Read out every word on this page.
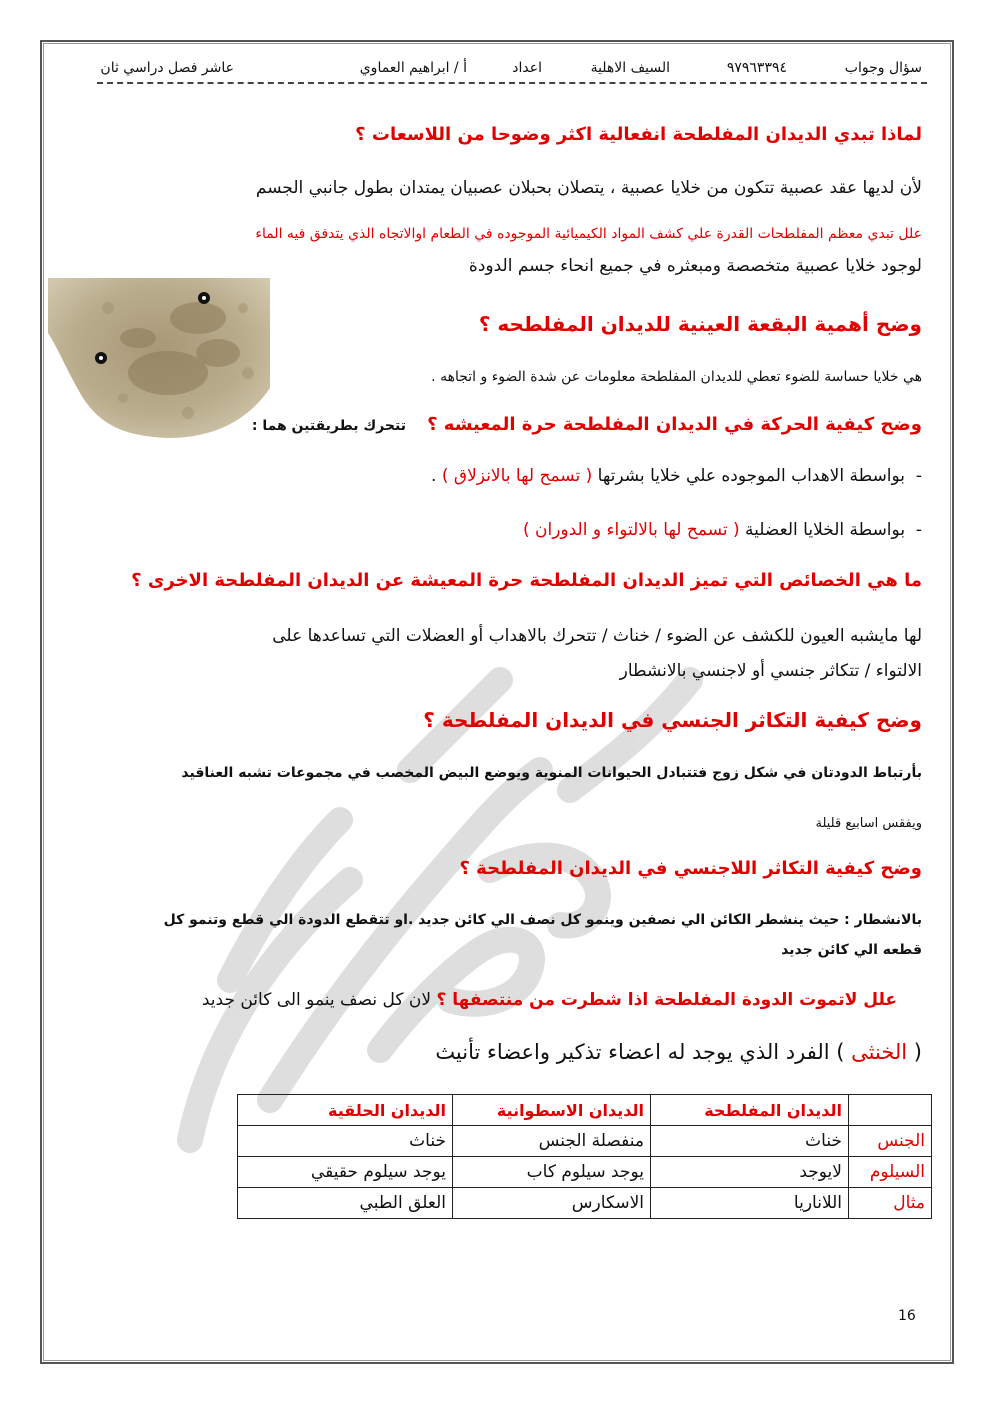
سؤال وجواب
٩٧٩٦٣٣٩٤
السيف الاهلية
اعداد
أ / ابراهيم العماوي
عاشر فصل دراسي ثان
لماذا تبدي الديدان المفلطحة انفعالية اكثر وضوحا من اللاسعات ؟
لأن لديها عقد عصبية تتكون من خلايا عصبية ، يتصلان بحبلان عصبيان يمتدان بطول جانبي الجسم
علل تبدي معظم المفلطحات القدرة علي كشف المواد الكيميائية الموجوده في الطعام اوالاتجاه الذي يتدفق فيه الماء
لوجود خلايا عصبية متخصصة ومبعثره في جميع انحاء جسم الدودة
وضح أهمية البقعة العينية للديدان المفلطحه ؟
هي خلايا حساسة للضوء تعطي للديدان المفلطحة معلومات عن شدة الضوء و اتجاهه .
وضح كيفية الحركة في الديدان المفلطحة حرة المعيشه ؟
تتحرك بطريقتين هما :
-  بواسطة الاهداب الموجوده علي خلايا بشرتها ( تسمح لها بالانزلاق ) .
-  بواسطة الخلايا العضلية ( تسمح لها بالالتواء و الدوران )
ما هي الخصائص التي تميز الديدان المفلطحة حرة المعيشة عن الديدان المفلطحة الاخرى ؟
لها مايشبه العيون للكشف عن الضوء / خناث / تتحرك بالاهداب أو العضلات التي تساعدها على
الالتواء / تتكاثر جنسي أو لاجنسي بالانشطار
وضح كيفية التكاثر الجنسي في الديدان المفلطحة ؟
بأرتباط الدودتان في شكل زوج فتتبادل الحيوانات المنوية ويوضع البيض المخصب في مجموعات تشبه العناقيد
ويفقس اسابيع قليلة
وضح كيفية التكاثر اللاجنسي في الديدان المفلطحة ؟
بالانشطار : حيث ينشطر الكائن الي نصفين وينمو كل نصف الي كائن جديد .او تتقطع الدودة الي قطع وتنمو كل
قطعه الي كائن جديد
علل لاتموت الدودة المفلطحة اذا شطرت من منتصفها ؟ لان كل نصف ينمو الى كائن جديد
( الخنثى ) الفرد الذي يوجد له اعضاء تذكير واعضاء تأنيث
	الديدان المفلطحة	الديدان الاسطوانية	الديدان الحلقية
الجنس	خناث	منفصلة الجنس	خناث
السيلوم	لايوجد	يوجد سيلوم كاب	يوجد سيلوم حقيقي
مثال	اللاناريا	الاسكارس	العلق الطبي
16
